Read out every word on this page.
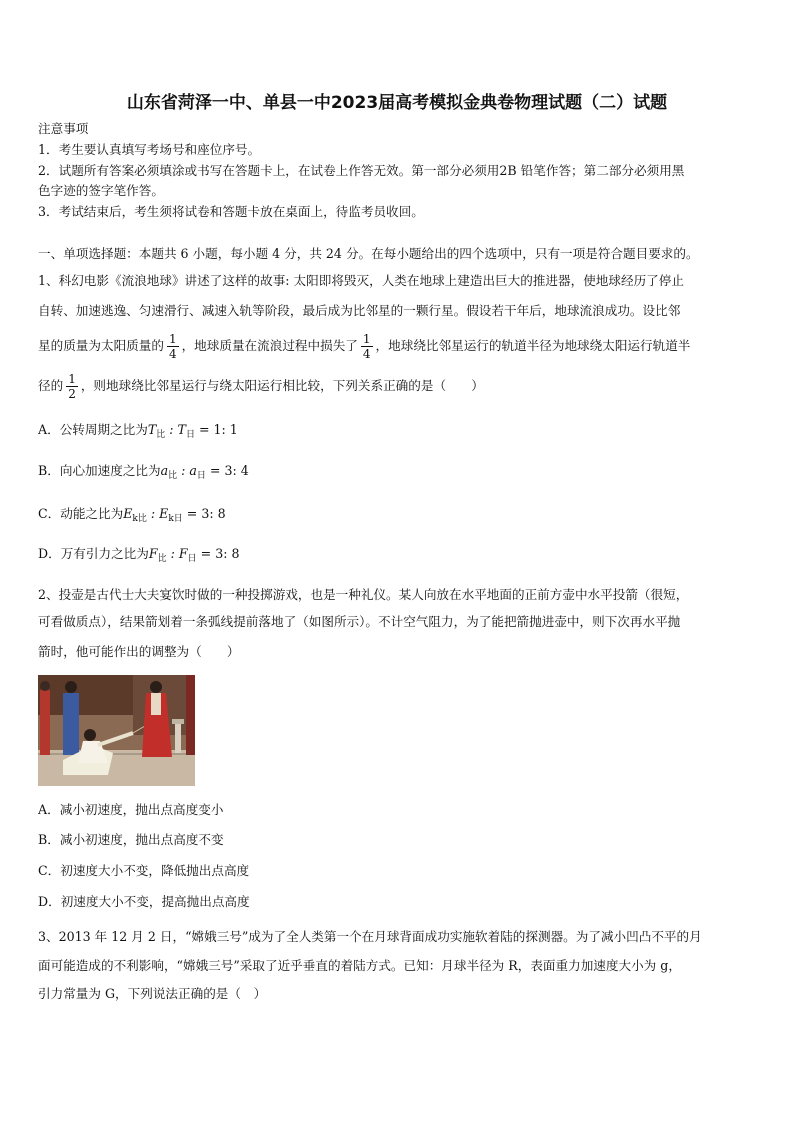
山东省菏泽一中、单县一中2023届高考模拟金典卷物理试题（二）试题
注意事项
1．考生要认真填写考场号和座位序号。
2．试题所有答案必须填涂或书写在答题卡上，在试卷上作答无效。第一部分必须用2B 铅笔作答；第二部分必须用黑
色字迹的签字笔作答。
3．考试结束后，考生须将试卷和答题卡放在桌面上，待监考员收回。
一、单项选择题：本题共 6 小题，每小题 4 分，共 24 分。在每小题给出的四个选项中，只有一项是符合题目要求的。
1、科幻电影《流浪地球》讲述了这样的故事: 太阳即将毁灭，人类在地球上建造出巨大的推进器，使地球经历了停止
自转、加速逃逸、匀速滑行、减速入轨等阶段，最后成为比邻星的一颗行星。假设若干年后，地球流浪成功。设比邻
星的质量为太阳质量的 $\frac{1}{4}$ ，地球质量在流浪过程中损失了 $\frac{1}{4}$ ，地球绕比邻星运行的轨道半径为地球绕太阳运行轨道半
径的 $\frac{1}{2}$ ，则地球绕比邻星运行与绕太阳运行相比较，下列关系正确的是（　　）
A．公转周期之比为$T_比$ : $T_日 = 1$: 1
B．向心加速度之比为$a_比$ : $a_日 = 3$: 4
C．动能之比为$E_{k比}$ : $E_{k日} = 3$: 8
D．万有引力之比为$F_比$ : $F_日 = 3$: 8
2、投壶是古代士大夫宴饮时做的一种投掷游戏，也是一种礼仪。某人向放在水平地面的正前方壶中水平投箭（很短，
可看做质点），结果箭划着一条弧线提前落地了（如图所示）。不计空气阻力，为了能把箭抛进壶中，则下次再水平抛
箭时，他可能作出的调整为（　　）
A．减小初速度，抛出点高度变小
B．减小初速度，抛出点高度不变
C．初速度大小不变，降低抛出点高度
D．初速度大小不变，提高抛出点高度
3、2013 年 12 月 2 日，“嫦娥三号”成为了全人类第一个在月球背面成功实施软着陆的探测器。为了减小凹凸不平的月
面可能造成的不利影响，“嫦娥三号”采取了近乎垂直的着陆方式。已知：月球半径为 R，表面重力加速度大小为 g，
引力常量为 G，下列说法正确的是（　）
